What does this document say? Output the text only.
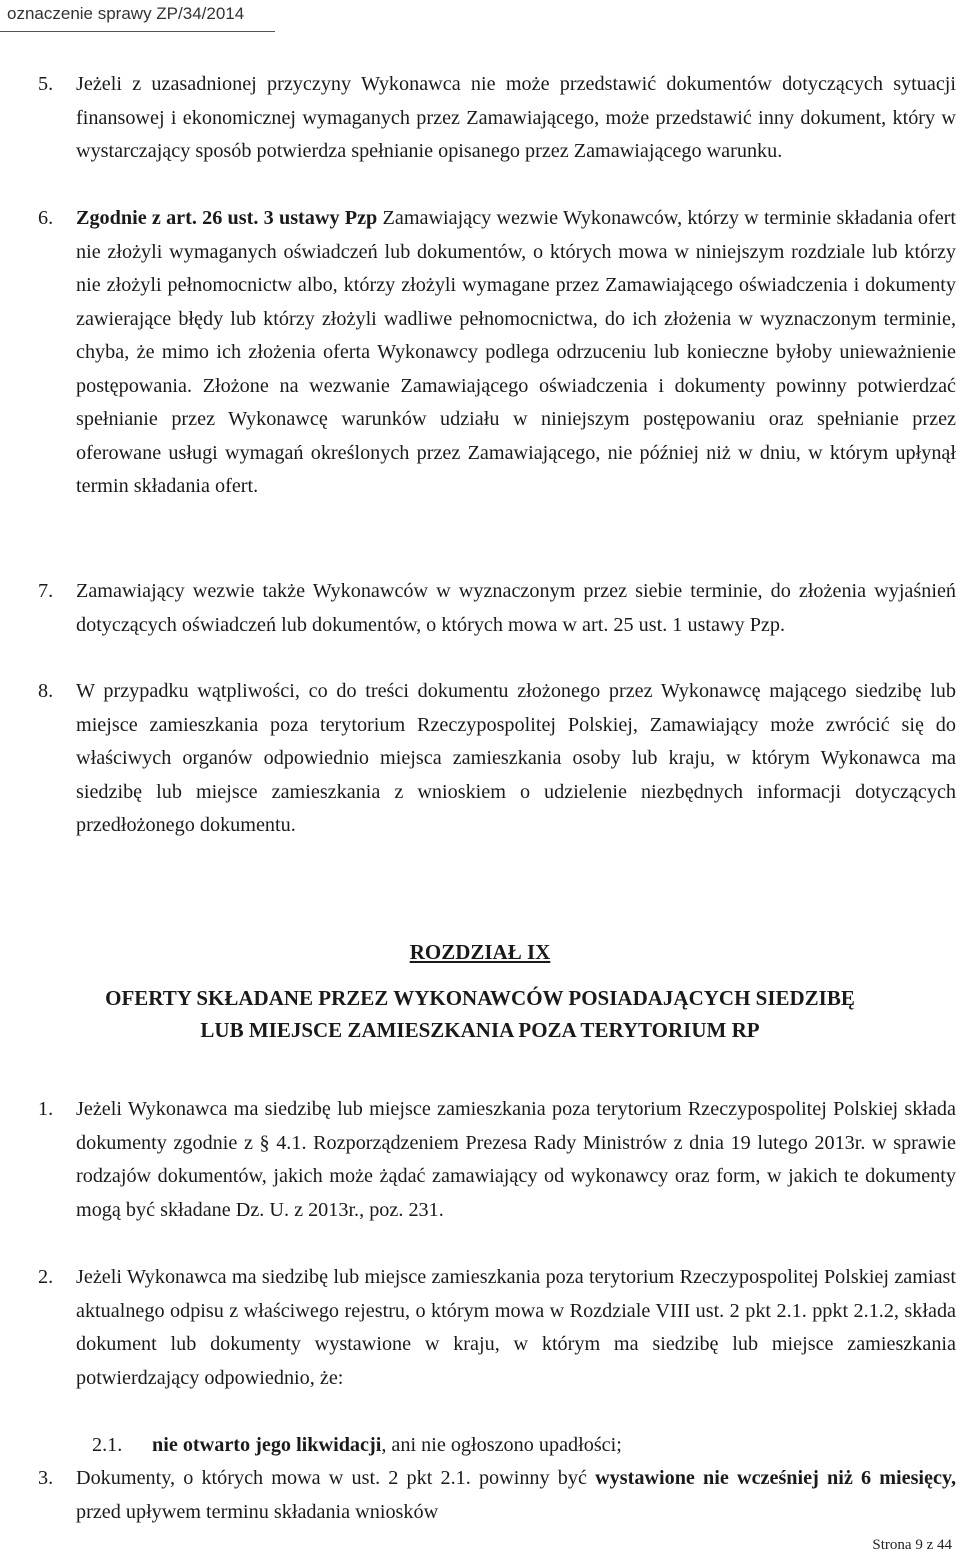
oznaczenie sprawy ZP/34/2014
5. Jeżeli z uzasadnionej przyczyny Wykonawca nie może przedstawić dokumentów dotyczących sytuacji finansowej i ekonomicznej wymaganych przez Zamawiającego, może przedstawić inny dokument, który w wystarczający sposób potwierdza spełnianie opisanego przez Zamawiającego warunku.
6. Zgodnie z art. 26 ust. 3 ustawy Pzp Zamawiający wezwie Wykonawców, którzy w terminie składania ofert nie złożyli wymaganych oświadczeń lub dokumentów, o których mowa w niniejszym rozdziale lub którzy nie złożyli pełnomocnictw albo, którzy złożyli wymagane przez Zamawiającego oświadczenia i dokumenty zawierające błędy lub którzy złożyli wadliwe pełnomocnictwa, do ich złożenia w wyznaczonym terminie, chyba, że mimo ich złożenia oferta Wykonawcy podlega odrzuceniu lub konieczne byłoby unieważnienie postępowania. Złożone na wezwanie Zamawiającego oświadczenia i dokumenty powinny potwierdzać spełnianie przez Wykonawcę warunków udziału w niniejszym postępowaniu oraz spełnianie przez oferowane usługi wymagań określonych przez Zamawiającego, nie później niż w dniu, w którym upłynął termin składania ofert.
7. Zamawiający wezwie także Wykonawców w wyznaczonym przez siebie terminie, do złożenia wyjaśnień dotyczących oświadczeń lub dokumentów, o których mowa w art. 25 ust. 1 ustawy Pzp.
8. W przypadku wątpliwości, co do treści dokumentu złożonego przez Wykonawcę mającego siedzibę lub miejsce zamieszkania poza terytorium Rzeczypospolitej Polskiej, Zamawiający może zwrócić się do właściwych organów odpowiednio miejsca zamieszkania osoby lub kraju, w którym Wykonawca ma siedzibę lub miejsce zamieszkania z wnioskiem o udzielenie niezbędnych informacji dotyczących przedłożonego dokumentu.
ROZDZIAŁ IX
OFERTY SKŁADANE PRZEZ WYKONAWCÓW POSIADAJĄCYCH SIEDZIBĘ
LUB MIEJSCE ZAMIESZKANIA POZA TERYTORIUM RP
1. Jeżeli Wykonawca ma siedzibę lub miejsce zamieszkania poza terytorium Rzeczypospolitej Polskiej składa dokumenty zgodnie z § 4.1. Rozporządzeniem Prezesa Rady Ministrów z dnia 19 lutego 2013r. w sprawie rodzajów dokumentów, jakich może żądać zamawiający od wykonawcy oraz form, w jakich te dokumenty mogą być składane Dz. U. z 2013r., poz. 231.
2. Jeżeli Wykonawca ma siedzibę lub miejsce zamieszkania poza terytorium Rzeczypospolitej Polskiej zamiast aktualnego odpisu z właściwego rejestru, o którym mowa w Rozdziale VIII ust. 2 pkt 2.1. ppkt 2.1.2, składa dokument lub dokumenty wystawione w kraju, w którym ma siedzibę lub miejsce zamieszkania potwierdzający odpowiednio, że:
2.1. nie otwarto jego likwidacji, ani nie ogłoszono upadłości;
3. Dokumenty, o których mowa w ust. 2 pkt 2.1. powinny być wystawione nie wcześniej niż 6 miesięcy, przed upływem terminu składania wniosków
Strona 9 z 44
